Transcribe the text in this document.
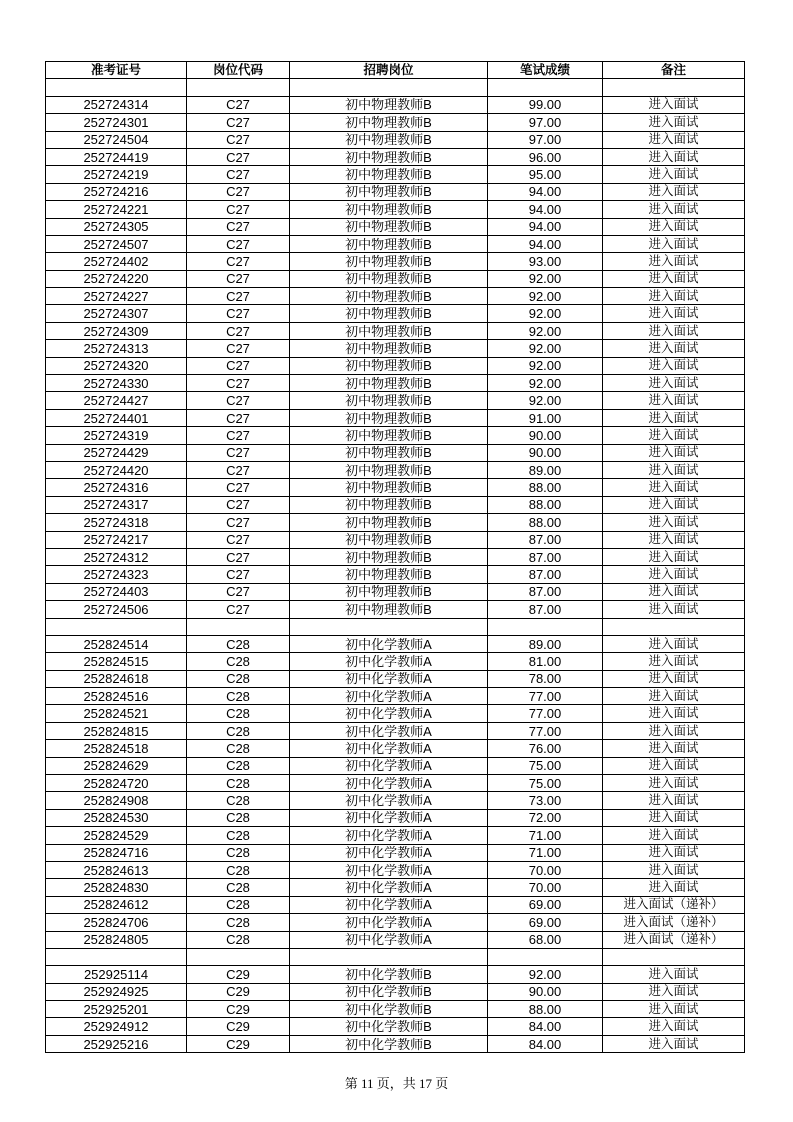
准考证号	岗位代码	招聘岗位	笔试成绩	备注

252724314	C27	初中物理教师B	99.00	进入面试
252724301	C27	初中物理教师B	97.00	进入面试
252724504	C27	初中物理教师B	97.00	进入面试
252724419	C27	初中物理教师B	96.00	进入面试
252724219	C27	初中物理教师B	95.00	进入面试
252724216	C27	初中物理教师B	94.00	进入面试
252724221	C27	初中物理教师B	94.00	进入面试
252724305	C27	初中物理教师B	94.00	进入面试
252724507	C27	初中物理教师B	94.00	进入面试
252724402	C27	初中物理教师B	93.00	进入面试
252724220	C27	初中物理教师B	92.00	进入面试
252724227	C27	初中物理教师B	92.00	进入面试
252724307	C27	初中物理教师B	92.00	进入面试
252724309	C27	初中物理教师B	92.00	进入面试
252724313	C27	初中物理教师B	92.00	进入面试
252724320	C27	初中物理教师B	92.00	进入面试
252724330	C27	初中物理教师B	92.00	进入面试
252724427	C27	初中物理教师B	92.00	进入面试
252724401	C27	初中物理教师B	91.00	进入面试
252724319	C27	初中物理教师B	90.00	进入面试
252724429	C27	初中物理教师B	90.00	进入面试
252724420	C27	初中物理教师B	89.00	进入面试
252724316	C27	初中物理教师B	88.00	进入面试
252724317	C27	初中物理教师B	88.00	进入面试
252724318	C27	初中物理教师B	88.00	进入面试
252724217	C27	初中物理教师B	87.00	进入面试
252724312	C27	初中物理教师B	87.00	进入面试
252724323	C27	初中物理教师B	87.00	进入面试
252724403	C27	初中物理教师B	87.00	进入面试
252724506	C27	初中物理教师B	87.00	进入面试

252824514	C28	初中化学教师A	89.00	进入面试
252824515	C28	初中化学教师A	81.00	进入面试
252824618	C28	初中化学教师A	78.00	进入面试
252824516	C28	初中化学教师A	77.00	进入面试
252824521	C28	初中化学教师A	77.00	进入面试
252824815	C28	初中化学教师A	77.00	进入面试
252824518	C28	初中化学教师A	76.00	进入面试
252824629	C28	初中化学教师A	75.00	进入面试
252824720	C28	初中化学教师A	75.00	进入面试
252824908	C28	初中化学教师A	73.00	进入面试
252824530	C28	初中化学教师A	72.00	进入面试
252824529	C28	初中化学教师A	71.00	进入面试
252824716	C28	初中化学教师A	71.00	进入面试
252824613	C28	初中化学教师A	70.00	进入面试
252824830	C28	初中化学教师A	70.00	进入面试
252824612	C28	初中化学教师A	69.00	进入面试（递补）
252824706	C28	初中化学教师A	69.00	进入面试（递补）
252824805	C28	初中化学教师A	68.00	进入面试（递补）

252925114	C29	初中化学教师B	92.00	进入面试
252924925	C29	初中化学教师B	90.00	进入面试
252925201	C29	初中化学教师B	88.00	进入面试
252924912	C29	初中化学教师B	84.00	进入面试
252925216	C29	初中化学教师B	84.00	进入面试
第 11 页，共 17 页
